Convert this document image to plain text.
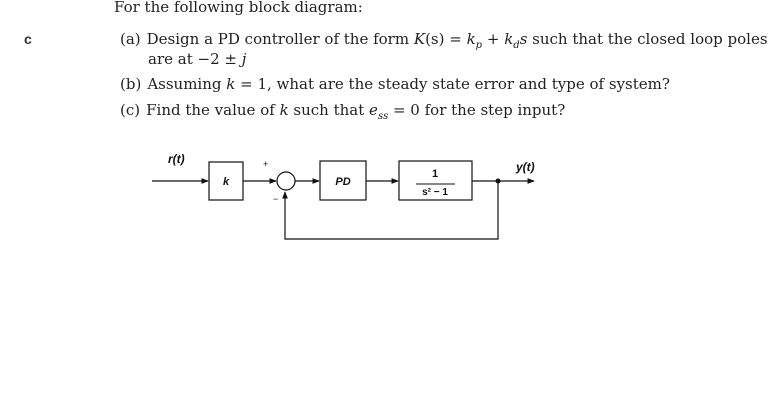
c
For the following block diagram:
(a) Design a PD controller of the form $K(s) = k_p + k_ds$ such that the closed loop poles
are at −2 ± j
(b) Assuming k = 1, what are the steady state error and type of system?
(c) Find the value of k such that $e_{ss} = 0$ for the step input?
r(t)
y(t)
k	PD
1
s² − 1
+
−
